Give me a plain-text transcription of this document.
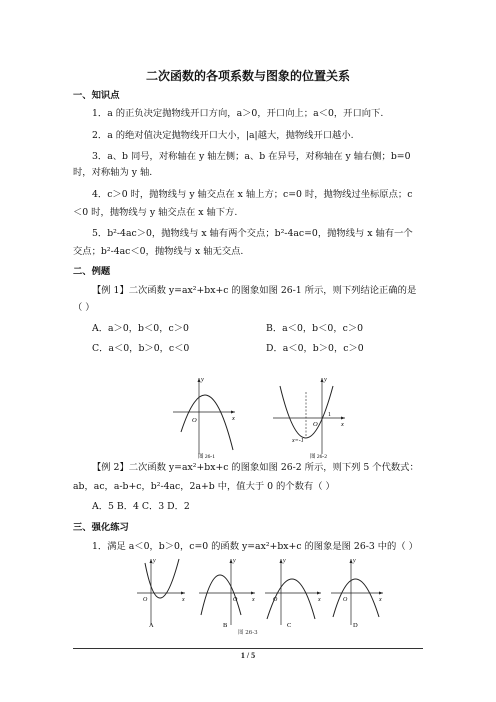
二次函数的各项系数与图象的位置关系
一、知识点
1．a 的正负决定抛物线开口方向，a＞0，开口向上；a＜0，开口向下.
2．a 的绝对值决定抛物线开口大小，|a|越大，抛物线开口越小.
3．a、b 同号，对称轴在 y 轴左侧；a、b 在异号，对称轴在 y 轴右侧；b=0
时，对称轴为 y 轴.
4．c＞0 时，抛物线与 y 轴交点在 x 轴上方；c=0 时，抛物线过坐标原点；c
＜0 时，抛物线与 y 轴交点在 x 轴下方.
5．b²-4ac＞0，抛物线与 x 轴有两个交点；b²-4ac=0，抛物线与 x 轴有一个
交点；b²-4ac＜0，抛物线与 x 轴无交点.
二、例题
【例 1】二次函数 y=ax²+bx+c 的图象如图 26-1 所示，则下列结论正确的是
（ ）
A．a＞0，b＜0，c＞0	B．a＜0，b＜0，c＞0
C．a＜0，b＞0，c＜0	D．a＜0，b＞0，c＞0
y
x
O
y
x
O
1
x=-1
图 26-1	图 26-2
【例 2】二次函数 y=ax²+bx+c 的图象如图 26-2 所示，则下列 5 个代数式：
ab，ac，a-b+c，b²-4ac，2a+b 中，值大于 0 的个数有（ ）
A．5 B．4 C．3 D．2
三、强化练习
1．满足 a＜0，b＞0，c=0 的函数 y=ax²+bx+c 的图象是图 26-3 中的（ ）
y
x
O
A
y
x
O
B
y
x
O
C
y
x
O
D
图 26-3
1 / 5
